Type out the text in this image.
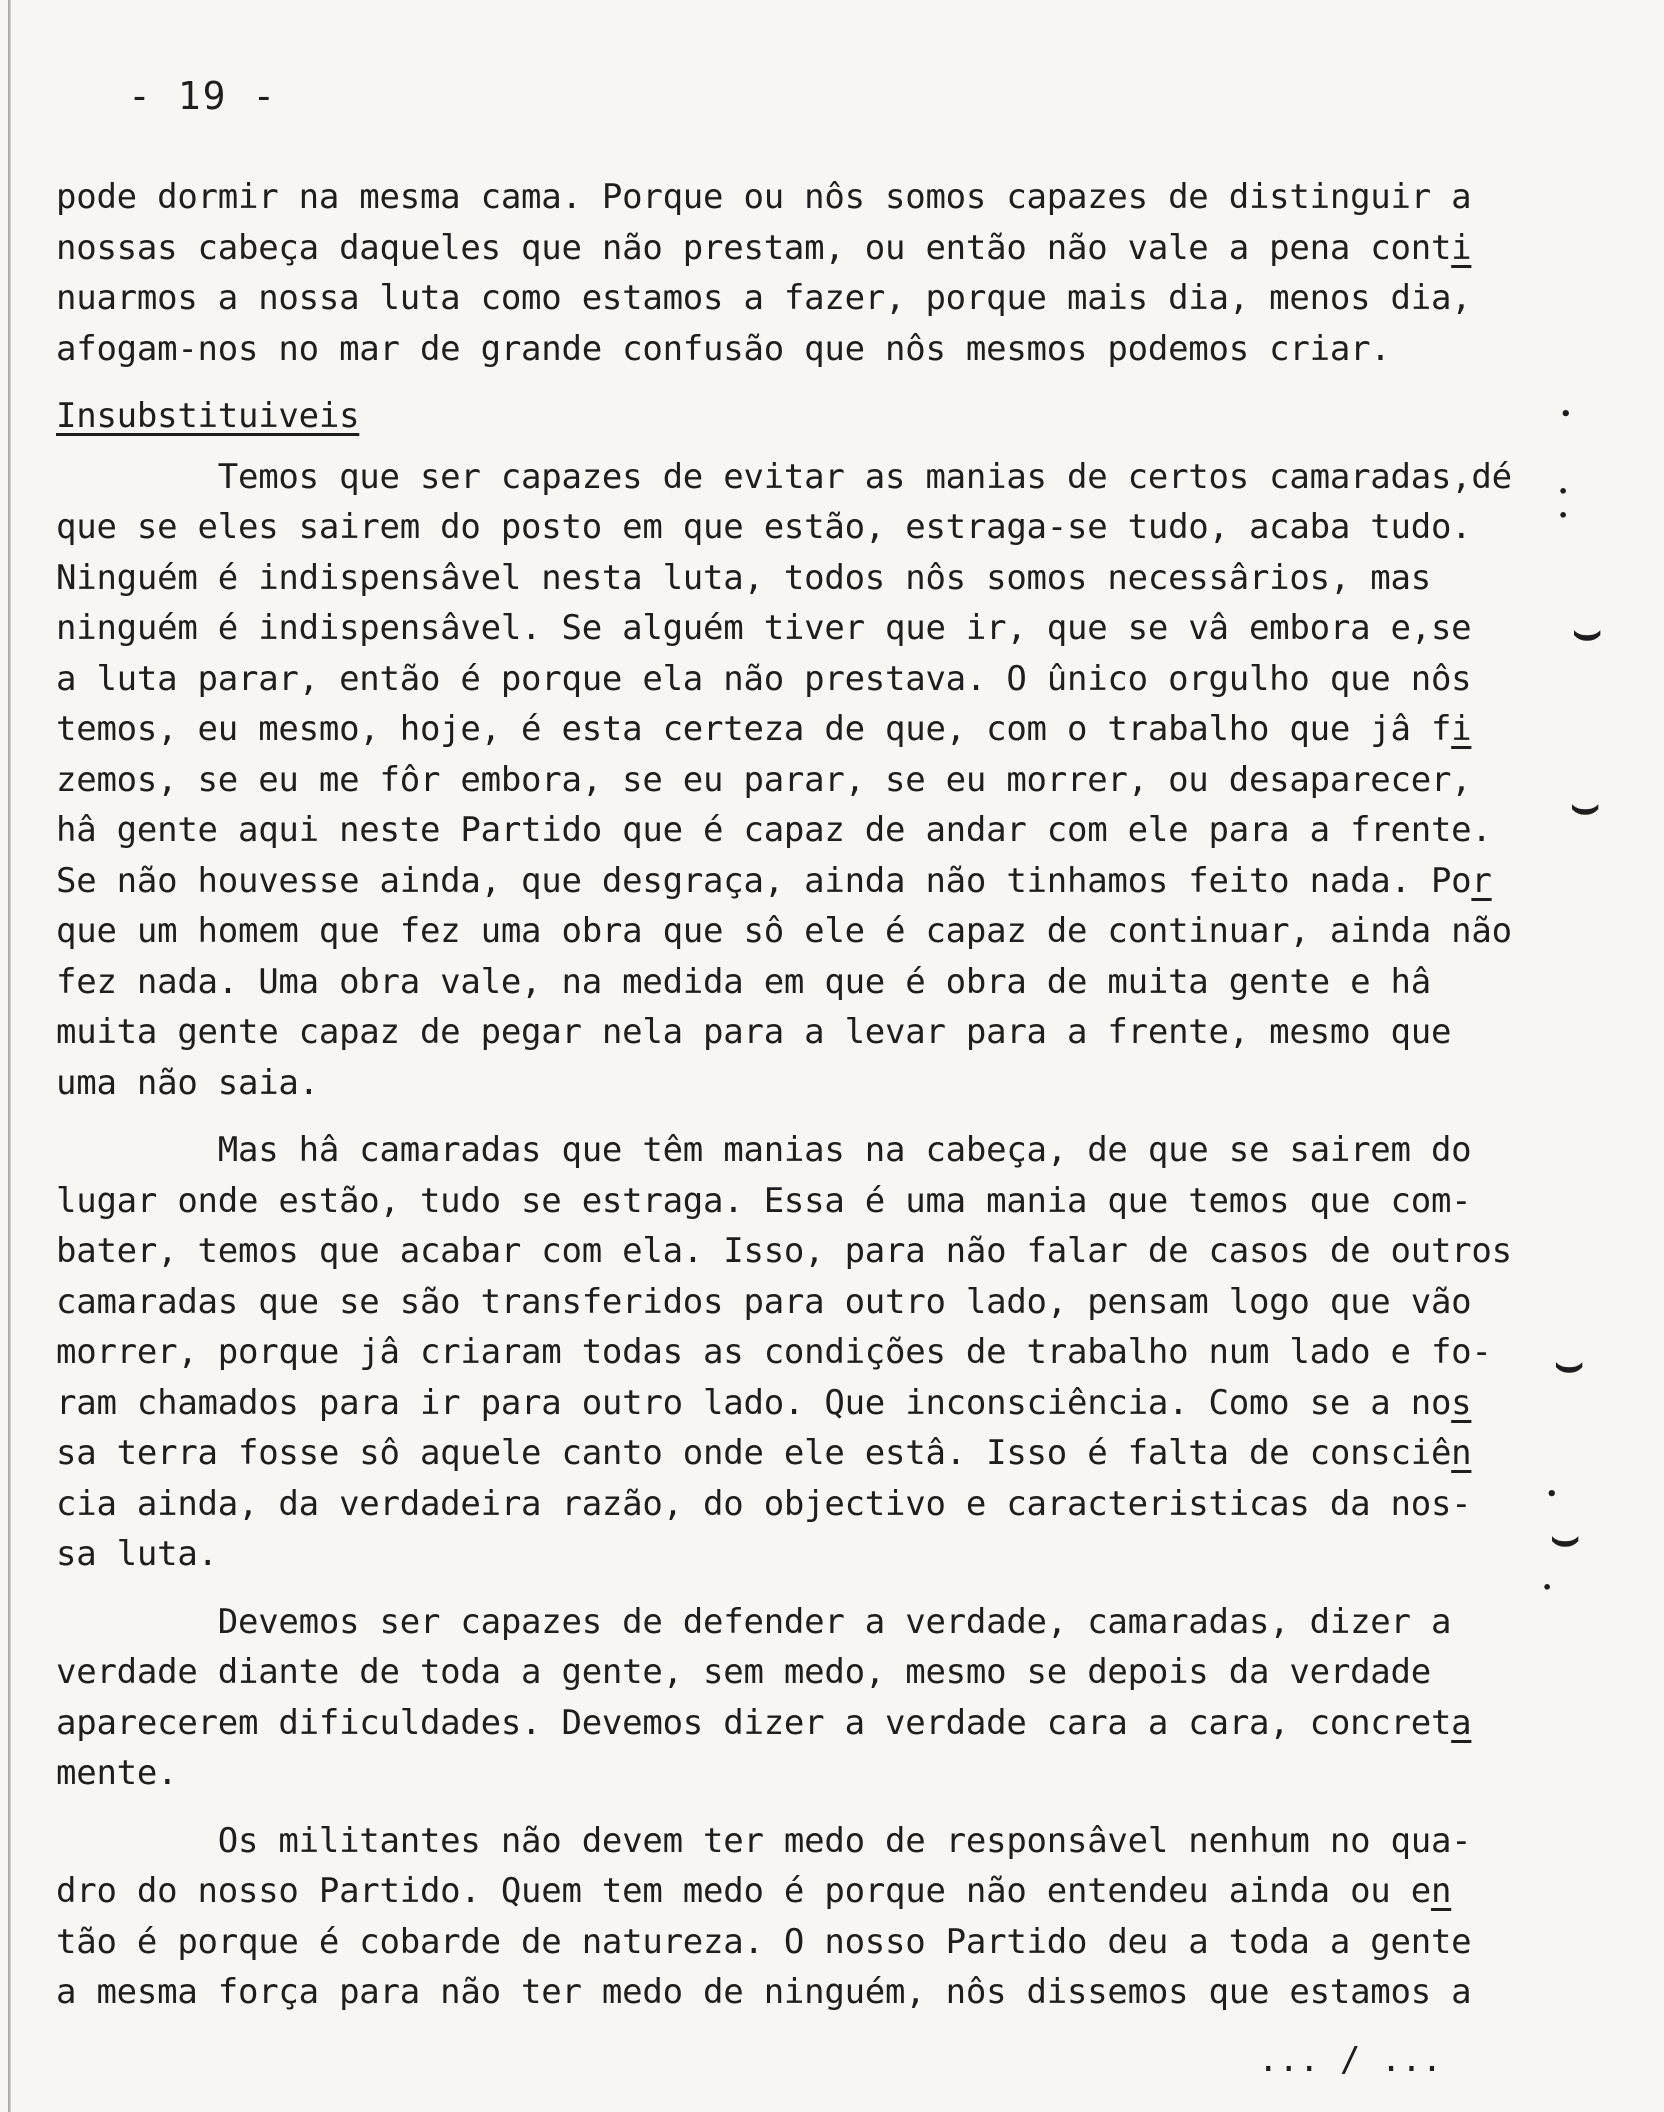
- 19 -

pode dormir na mesma cama. Porque ou nôs somos capazes de distinguir a
nossas cabeça daqueles que não prestam, ou então não vale a pena conti
nuarmos a nossa luta como estamos a fazer, porque mais dia, menos dia,
afogam-nos no mar de grande confusão que nôs mesmos podemos criar.

Insubstituiveis

Temos que ser capazes de evitar as manias de certos camaradas,dé
que se eles sairem do posto em que estão, estraga-se tudo, acaba tudo.
Ninguém é indispensâvel nesta luta, todos nôs somos necessârios, mas
ninguém é indispensâvel. Se alguém tiver que ir, que se vâ embora e,se
a luta parar, então é porque ela não prestava. O ûnico orgulho que nôs
temos, eu mesmo, hoje, é esta certeza de que, com o trabalho que jâ fi
zemos, se eu me fôr embora, se eu parar, se eu morrer, ou desaparecer,
hâ gente aqui neste Partido que é capaz de andar com ele para a frente.
Se não houvesse ainda, que desgraça, ainda não tinhamos feito nada. Por
que um homem que fez uma obra que sô ele é capaz de continuar, ainda não
fez nada. Uma obra vale, na medida em que é obra de muita gente e hâ
muita gente capaz de pegar nela para a levar para a frente, mesmo que
uma não saia.

Mas hâ camaradas que têm manias na cabeça, de que se sairem do
lugar onde estão, tudo se estraga. Essa é uma mania que temos que com-
bater, temos que acabar com ela. Isso, para não falar de casos de outros
camaradas que se são transferidos para outro lado, pensam logo que vão
morrer, porque jâ criaram todas as condições de trabalho num lado e fo-
ram chamados para ir para outro lado. Que inconsciência. Como se a nos
sa terra fosse sô aquele canto onde ele estâ. Isso é falta de consciên
cia ainda, da verdadeira razão, do objectivo e caracteristicas da nos-
sa luta.

Devemos ser capazes de defender a verdade, camaradas, dizer a
verdade diante de toda a gente, sem medo, mesmo se depois da verdade
aparecerem dificuldades. Devemos dizer a verdade cara a cara, concreta
mente.

Os militantes não devem ter medo de responsâvel nenhum no qua-
dro do nosso Partido. Quem tem medo é porque não entendeu ainda ou en
tão é porque é cobarde de natureza. O nosso Partido deu a toda a gente
a mesma força para não ter medo de ninguém, nôs dissemos que estamos a

•
•
•
⌣
⌣
⌣
•
⌣
•
... / ...
